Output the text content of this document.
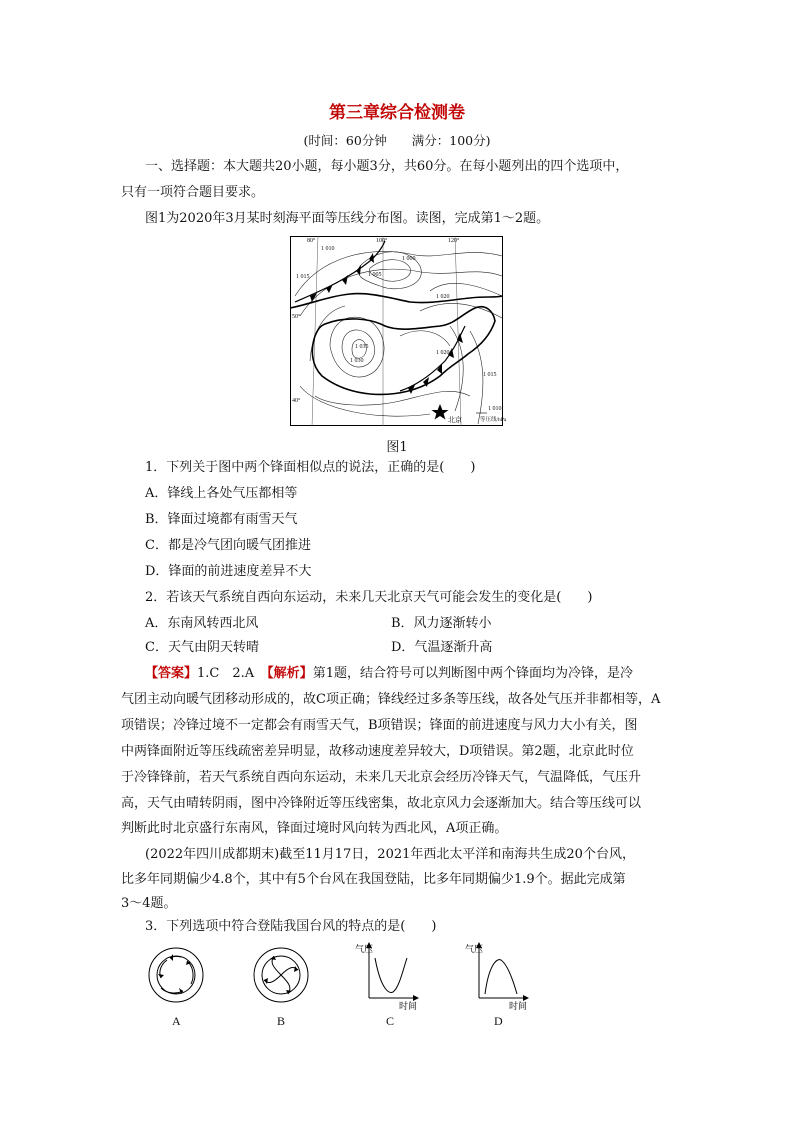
第三章综合检测卷
(时间：60分钟　　满分：100分)
一、选择题：本大题共20小题，每小题3分，共60分。在每小题列出的四个选项中，
只有一项符合题目要求。
图1为2020年3月某时刻海平面等压线分布图。读图，完成第1～2题。
80°	100°	120°
50°
40°
1 010
1 005
1 000
1 020
1 015
1 035
1 030
1 020
1 015
北京
1 010
等压线/hPa
图1
1．下列关于图中两个锋面相似点的说法，正确的是(　　)
A．锋线上各处气压都相等
B．锋面过境都有雨雪天气
C．都是冷气团向暖气团推进
D．锋面的前进速度差异不大
2．若该天气系统自西向东运动，未来几天北京天气可能会发生的变化是(　　)
A．东南风转西北风	B．风力逐渐转小
C．天气由阴天转晴	D．气温逐渐升高
【答案】1.C　2.A　【解析】第1题，结合符号可以判断图中两个锋面均为冷锋，是冷
气团主动向暖气团移动形成的，故C项正确；锋线经过多条等压线，故各处气压并非都相等，A
项错误；冷锋过境不一定都会有雨雪天气，B项错误；锋面的前进速度与风力大小有关，图
中两锋面附近等压线疏密差异明显，故移动速度差异较大，D项错误。第2题，北京此时位
于冷锋锋前，若天气系统自西向东运动，未来几天北京会经历冷锋天气，气温降低，气压升
高，天气由晴转阴雨，图中冷锋附近等压线密集，故北京风力会逐渐加大。结合等压线可以
判断此时北京盛行东南风，锋面过境时风向转为西北风，A项正确。
(2022年四川成都期末)截至11月17日，2021年西北太平洋和南海共生成20个台风，
比多年同期偏少4.8个，其中有5个台风在我国登陆，比多年同期偏少1.9个。据此完成第
3～4题。
3．下列选项中符合登陆我国台风的特点的是(　　)
A	B
气压
时间
气压
时间
C	D
